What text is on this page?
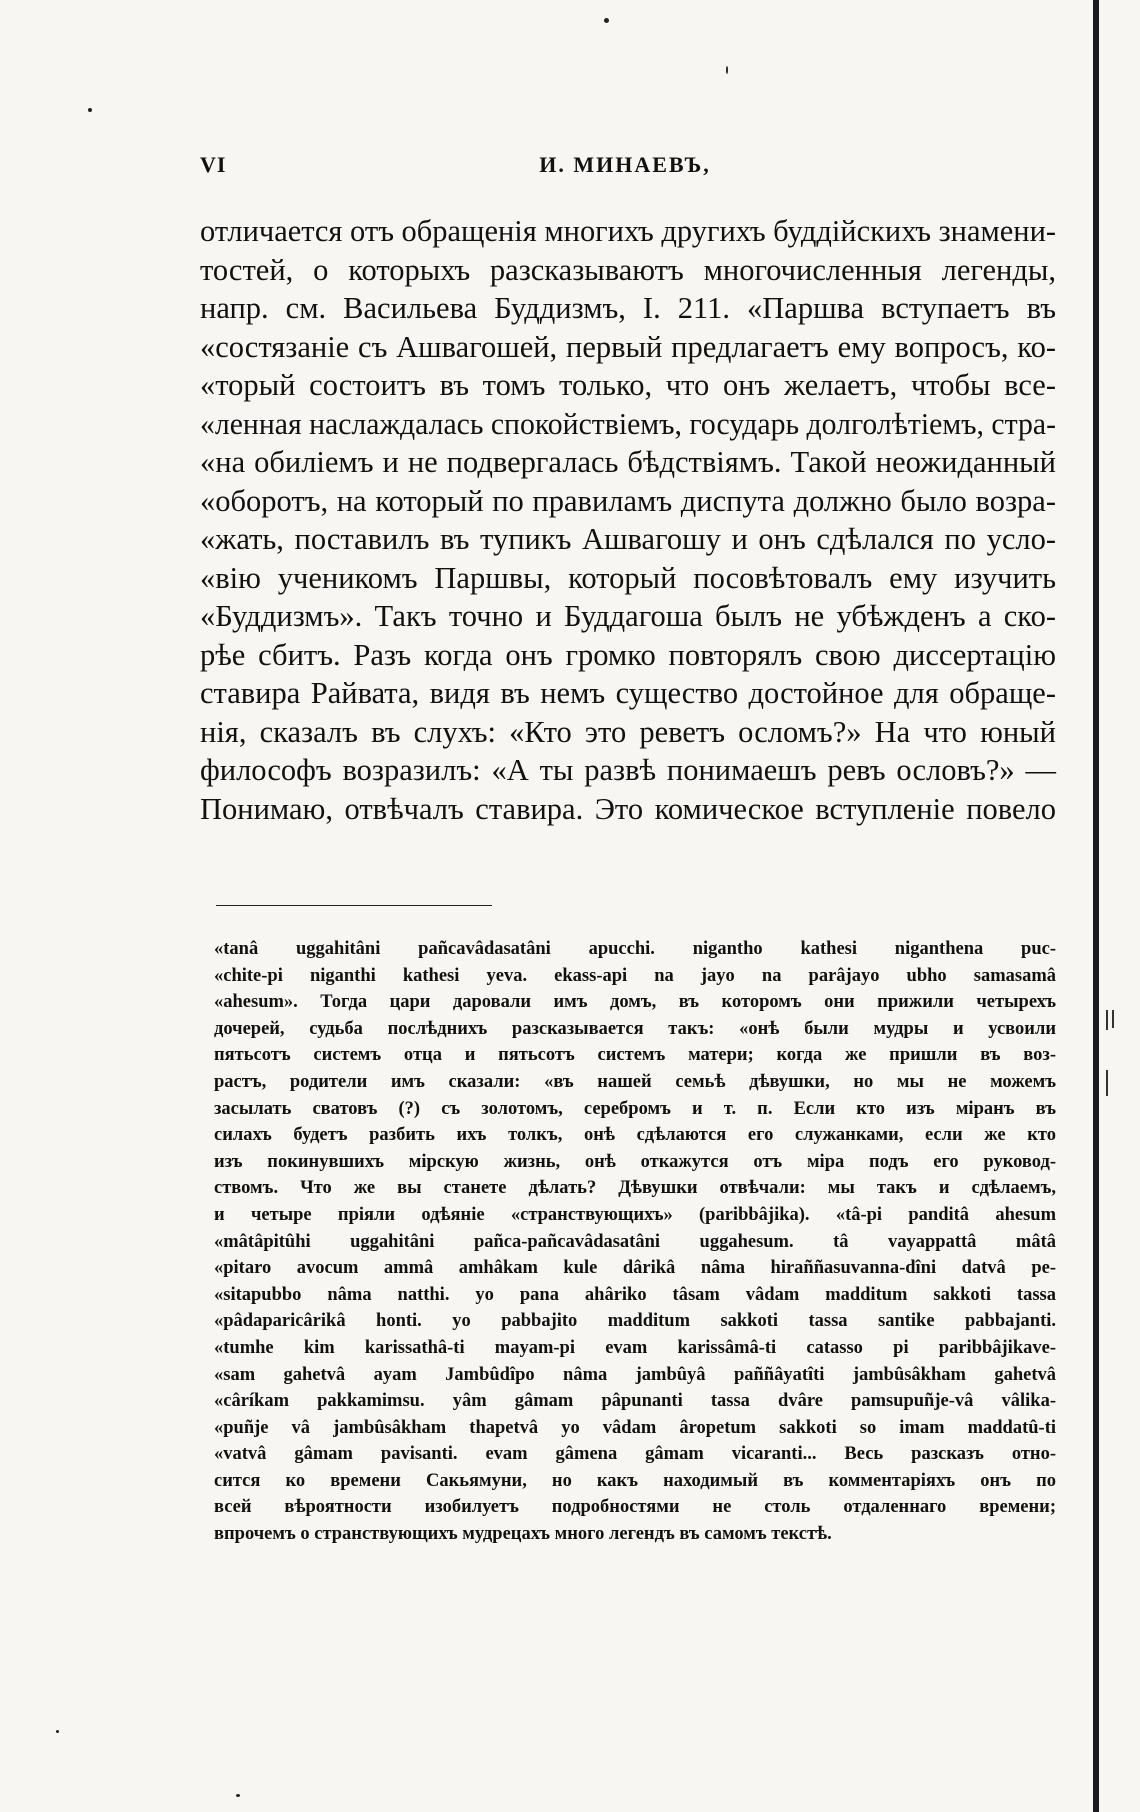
VI	И. МИНАЕВЪ,
отличается отъ обращенія многихъ другихъ буддійскихъ знамени-
тостей, о которыхъ разсказываютъ многочисленныя легенды,
напр. см. Васильева Буддизмъ, I. 211. «Паршва вступаетъ въ
«состязаніе съ Ашвагошей, первый предлагаетъ ему вопросъ, ко-
«торый состоитъ въ томъ только, что онъ желаетъ, чтобы все-
«ленная наслаждалась спокойствіемъ, государь долголѣтіемъ, стра-
«на обиліемъ и не подвергалась бѣдствіямъ. Такой неожиданный
«оборотъ, на который по правиламъ диспута должно было возра-
«жать, поставилъ въ тупикъ Ашвагошу и онъ сдѣлался по усло-
«вію ученикомъ Паршвы, который посовѣтовалъ ему изучить
«Буддизмъ». Такъ точно и Буддагоша былъ не убѣжденъ а ско-
рѣе сбитъ. Разъ когда онъ громко повторялъ свою диссертацію
ставира Райвата, видя въ немъ существо достойное для обраще-
нія, сказалъ въ слухъ: «Кто это реветъ осломъ?» На что юный
философъ возразилъ: «А ты развѣ понимаешъ ревъ ословъ?» —
Понимаю, отвѣчалъ ставира. Это комическое вступленіе повело
«tanâ uggahitâni pañcavâdasatâni apucchi. nigantho kathesi niganthena puc-
«chite-pi niganthi kathesi yeva. ekass-api na jayo na parâjayo ubho samasamâ
«ahesum». Тогда цари даровали имъ домъ, въ которомъ они прижили четырехъ
дочерей, судьба послѣднихъ разсказывается такъ: «онѣ были мудры и усвоили
пятьсотъ системъ отца и пятьсотъ системъ матери; когда же пришли въ воз-
растъ, родители имъ сказали: «въ нашей семьѣ дѣвушки, но мы не можемъ
засылать сватовъ (?) съ золотомъ, серебромъ и т. п. Если кто изъ міранъ въ
силахъ будетъ разбить ихъ толкъ, онѣ сдѣлаются его служанками, если же кто
изъ покинувшихъ мірскую жизнь, онѣ откажутся отъ міра подъ его руковод-
ствомъ. Что же вы станете дѣлать? Дѣвушки отвѣчали: мы такъ и сдѣлаемъ,
и четыре пріяли одѣяніе «странствующихъ» (paribbâjika). «tâ-pi panditâ ahesum
«mâtâpitûhi uggahitâni pañca-pañcavâdasatâni uggahesum. tâ vayappattâ mâtâ
«pitaro avocum ammâ amhâkam kule dârikâ nâma hiraññasuvanna-dîni datvâ pe-
«sitapubbo nâma natthi. yo pana ahâriko tâsam vâdam madditum sakkoti tassa
«pâdaparicârikâ honti. yo pabbajito madditum sakkoti tassa santike pabbajanti.
«tumhe kim karissathâ-ti mayam-pi evam karissâmâ-ti catasso pi paribbâjikave-
«sam gahetvâ ayam Jambûdîpo nâma jambûyâ paññâyatîti jambûsâkham gahetvâ
«câríkam pakkamimsu. yâm gâmam pâpunanti tassa dvâre pamsupuñje-vâ vâlika-
«puñje vâ jambûsâkham thapetvâ yo vâdam âropetum sakkoti so imam maddatû-ti
«vatvâ gâmam pavisanti. evam gâmena gâmam vicaranti... Весь разсказъ отно-
сится ко времени Сакьямуни, но какъ находимый въ комментаріяхъ онъ по
всей вѣроятности изобилуетъ подробностями не столь отдаленнаго времени;
впрочемъ о странствующихъ мудрецахъ много легендъ въ самомъ текстѣ.
